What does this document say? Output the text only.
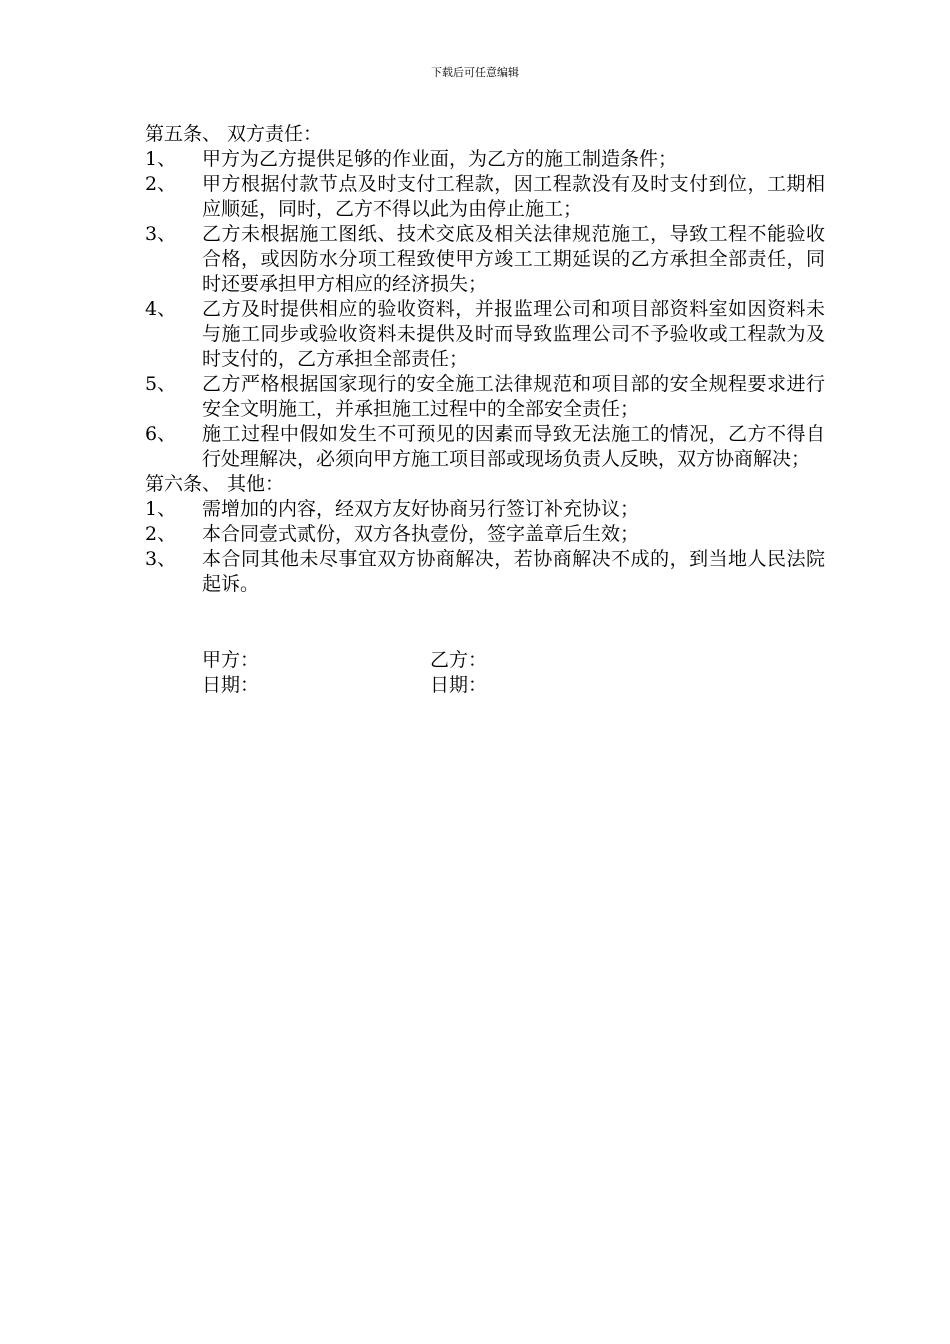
下载后可任意编辑

第五条、 双方责任：

1、	甲方为乙方提供足够的作业面，为乙方的施工制造条件；
2、	甲方根据付款节点及时支付工程款，因工程款没有及时支付到位，工期相应顺延，同时，乙方不得以此为由停止施工；
3、	乙方未根据施工图纸、技术交底及相关法律规范施工，导致工程不能验收合格，或因防水分项工程致使甲方竣工工期延误的乙方承担全部责任，同时还要承担甲方相应的经济损失；
4、	乙方及时提供相应的验收资料，并报监理公司和项目部资料室如因资料未与施工同步或验收资料未提供及时而导致监理公司不予验收或工程款为及时支付的，乙方承担全部责任；
5、	乙方严格根据国家现行的安全施工法律规范和项目部的安全规程要求进行安全文明施工，并承担施工过程中的全部安全责任；
6、	施工过程中假如发生不可预见的因素而导致无法施工的情况，乙方不得自行处理解决，必须向甲方施工项目部或现场负责人反映，双方协商解决；

第六条、 其他：

1、	需增加的内容，经双方友好协商另行签订补充协议；
2、	本合同壹式贰份，双方各执壹份，签字盖章后生效；
3、	本合同其他未尽事宜双方协商解决，若协商解决不成的，到当地人民法院起诉。
甲方：	乙方：
日期：	日期：
